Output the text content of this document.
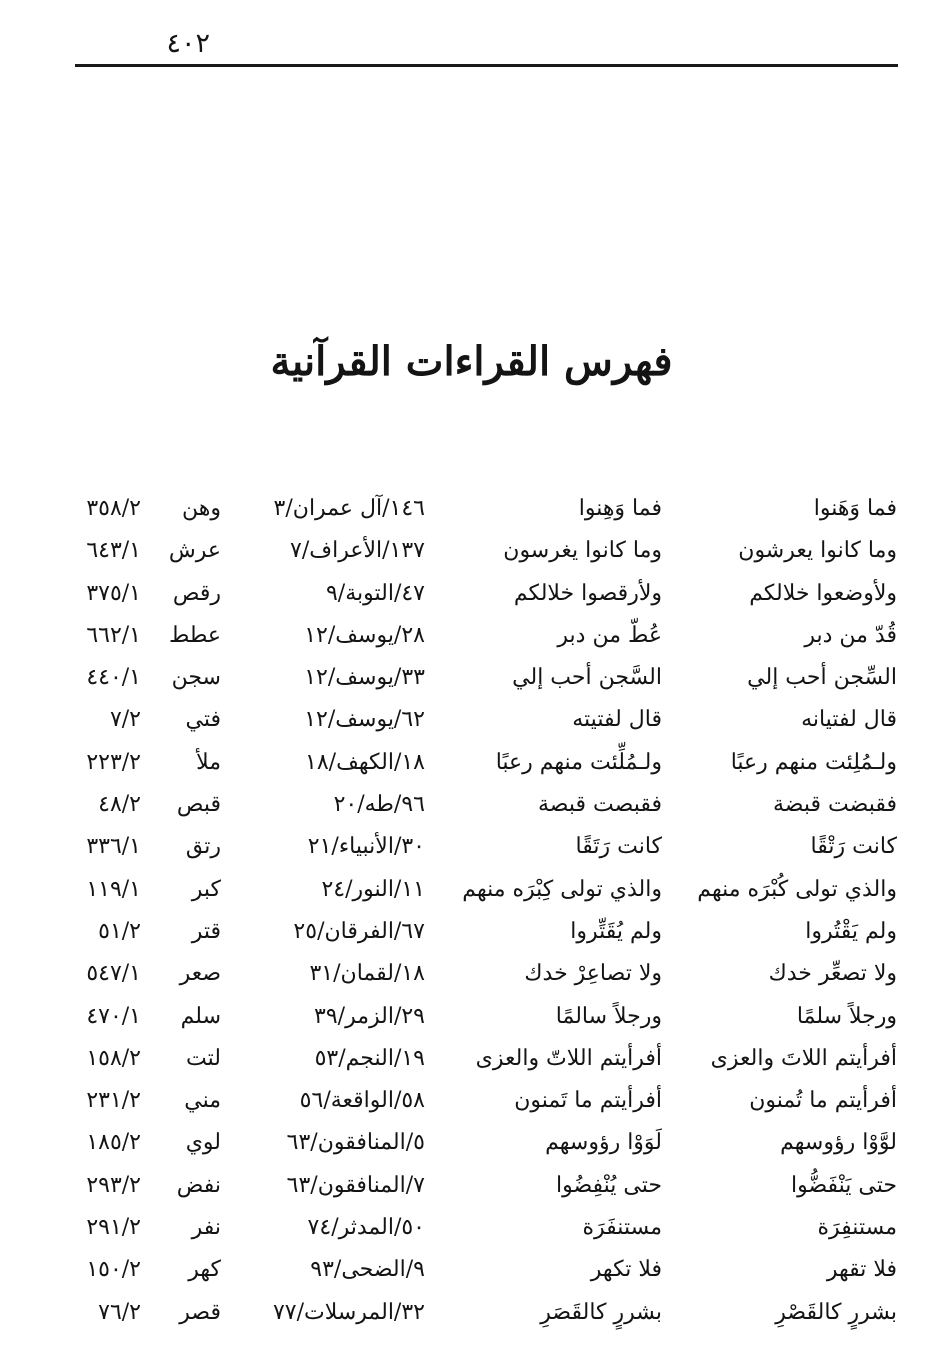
٤٠٢
فهرس القراءات القرآنية
فما وَهَنوا
فما وَهِنوا
١٤٦/آل عمران/٣
وهن
٣٥٨/٢
وما كانوا يعرشون
وما كانوا يغرسون
١٣٧/الأعراف/٧
عرش
٦٤٣/١
ولأوضعوا خلالكم
ولأرقصوا خلالكم
٤٧/التوبة/٩
رقص
٣٧٥/١
قُدّ من دبر
عُطّ من دبر
٢٨/يوسف/١٢
عطط
٦٦٢/١
السِّجن أحب إلي
السَّجن أحب إلي
٣٣/يوسف/١٢
سجن
٤٤٠/١
قال لفتيانه
قال لفتيته
٦٢/يوسف/١٢
فتي
٧/٢
ولـمُلِئت منهم رعبًا
ولـمُلِّئت منهم رعبًا
١٨/الكهف/١٨
ملأ
٢٢٣/٢
فقبضت قبضة
فقبصت قبصة
٩٦/طه/٢٠
قبص
٤٨/٢
كانت رَتْقًا
كانت رَتَقًا
٣٠/الأنبياء/٢١
رتق
٣٣٦/١
والذي تولى كُبْرَه منهم
والذي تولى كِبْرَه منهم
١١/النور/٢٤
كبر
١١٩/١
ولم يَقْتُروا
ولم يُقَتِّروا
٦٧/الفرقان/٢٥
قتر
٥١/٢
ولا تصعِّر خدك
ولا تصاعِرْ خدك
١٨/لقمان/٣١
صعر
٥٤٧/١
ورجلاً سلمًا
ورجلاً سالمًا
٢٩/الزمر/٣٩
سلم
٤٧٠/١
أفرأيتم اللاتَ والعزى
أفرأيتم اللاتّ والعزى
١٩/النجم/٥٣
لتت
١٥٨/٢
أفرأيتم ما تُمنون
أفرأيتم ما تَمنون
٥٨/الواقعة/٥٦
مني
٢٣١/٢
لوَّوْا رؤوسهم
لَوَوْا رؤوسهم
٥/المنافقون/٦٣
لوي
١٨٥/٢
حتى يَنْفَضُّوا
حتى يُنْفِضُوا
٧/المنافقون/٦٣
نفض
٢٩٣/٢
مستنفِرَة
مستنفَرَة
٥٠/المدثر/٧٤
نفر
٢٩١/٢
فلا تقهر
فلا تكهر
٩/الضحى/٩٣
كهر
١٥٠/٢
بشررٍ كالقَصْرِ
بشررٍ كالقَصَرِ
٣٢/المرسلات/٧٧
قصر
٧٦/٢
